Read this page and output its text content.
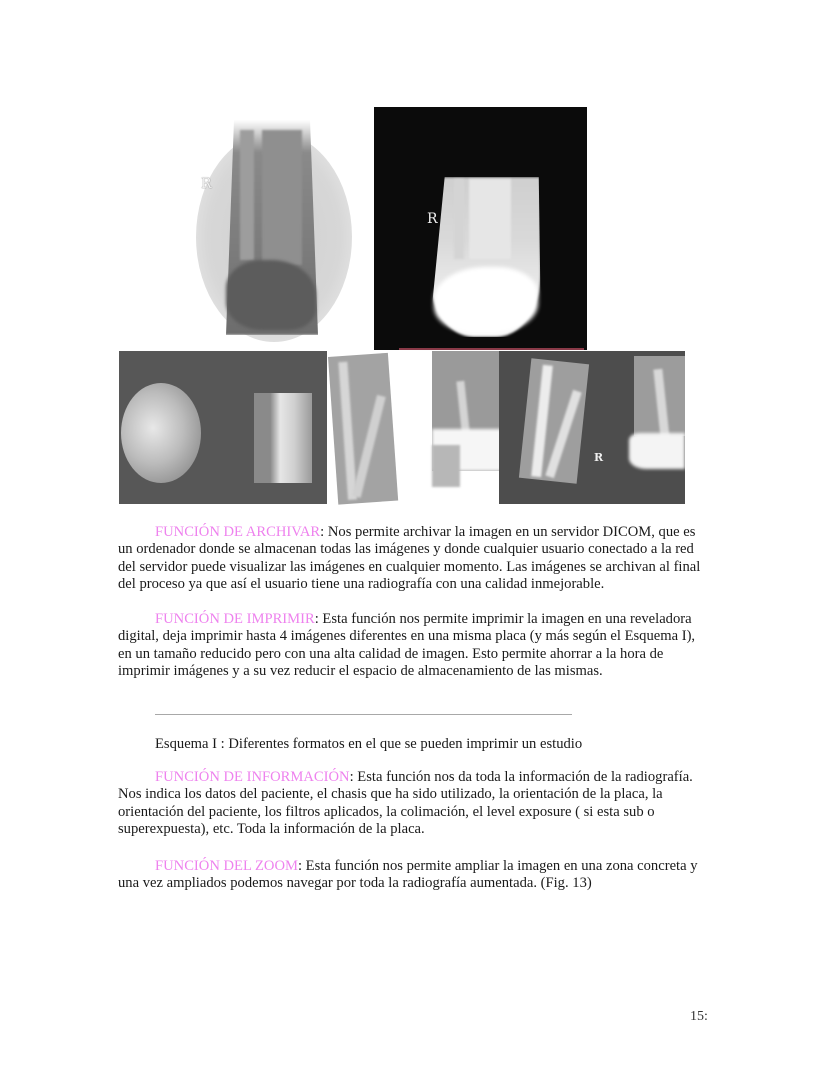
R
R
R
FUNCIÓN DE ARCHIVAR: Nos permite archivar la imagen en un servidor DICOM, que es
un ordenador donde se almacenan todas las imágenes y donde cualquier usuario conectado a la red
del servidor puede visualizar las imágenes en cualquier momento. Las imágenes se archivan al final
del proceso ya que así el usuario tiene una radiografía con una calidad inmejorable.
FUNCIÓN DE IMPRIMIR: Esta función nos permite imprimir la imagen en una reveladora
digital, deja imprimir hasta 4 imágenes diferentes en una misma placa (y más según el Esquema I),
en un tamaño reducido pero con una alta calidad de imagen. Esto permite ahorrar a la hora de
imprimir imágenes y a su vez reducir el espacio de almacenamiento de las mismas.
Esquema I : Diferentes formatos en el que se pueden imprimir un estudio
FUNCIÓN DE INFORMACIÓN: Esta función nos da toda la información de la radiografía.
Nos indica los datos del paciente, el chasis que ha sido utilizado, la orientación de la placa, la
orientación del paciente, los filtros aplicados, la colimación, el level exposure ( si esta sub o
superexpuesta), etc. Toda la información de la placa.
FUNCIÓN DEL ZOOM: Esta función nos permite ampliar la imagen en una zona concreta y
una vez ampliados podemos navegar por toda la radiografía aumentada. (Fig. 13)
15:
